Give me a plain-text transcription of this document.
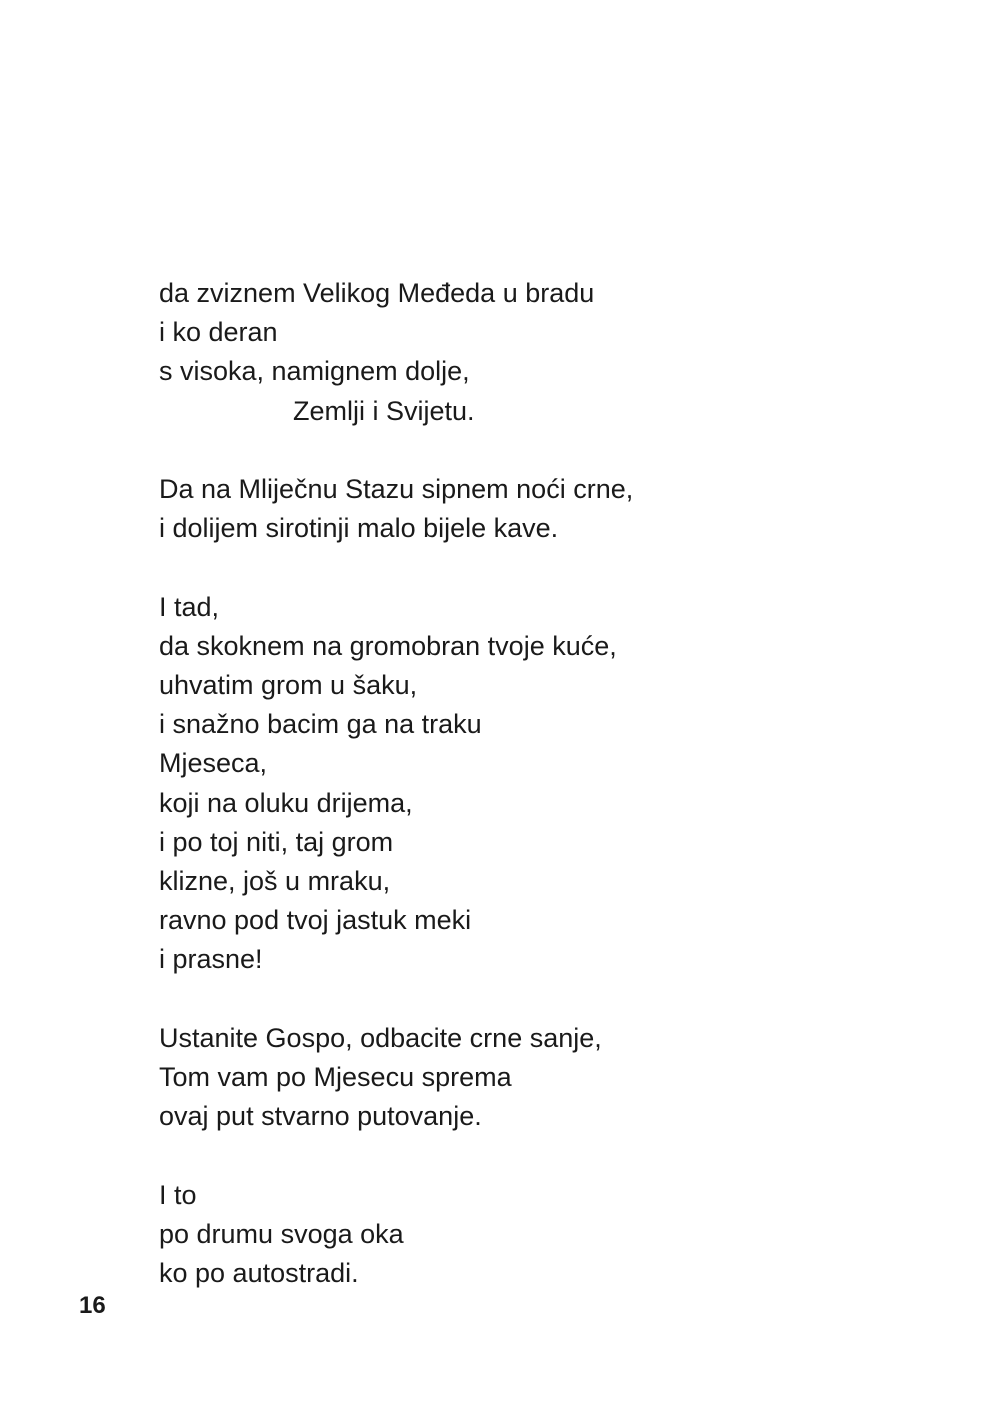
da zviznem Velikog Međeda u bradu
i ko deran
s visoka, namignem dolje,
Zemlji i Svijetu.
Da na Mliječnu Stazu sipnem noći crne,
i dolijem sirotinji malo bijele kave.
I tad,
da skoknem na gromobran tvoje kuće,
uhvatim grom u šaku,
i snažno bacim ga na traku
Mjeseca,
koji na oluku drijema,
i po toj niti, taj grom
klizne, još u mraku,
ravno pod tvoj jastuk meki
i prasne!
Ustanite Gospo, odbacite crne sanje,
Tom vam po Mjesecu sprema
ovaj put stvarno putovanje.
I to
po drumu svoga oka
ko po autostradi.
16
